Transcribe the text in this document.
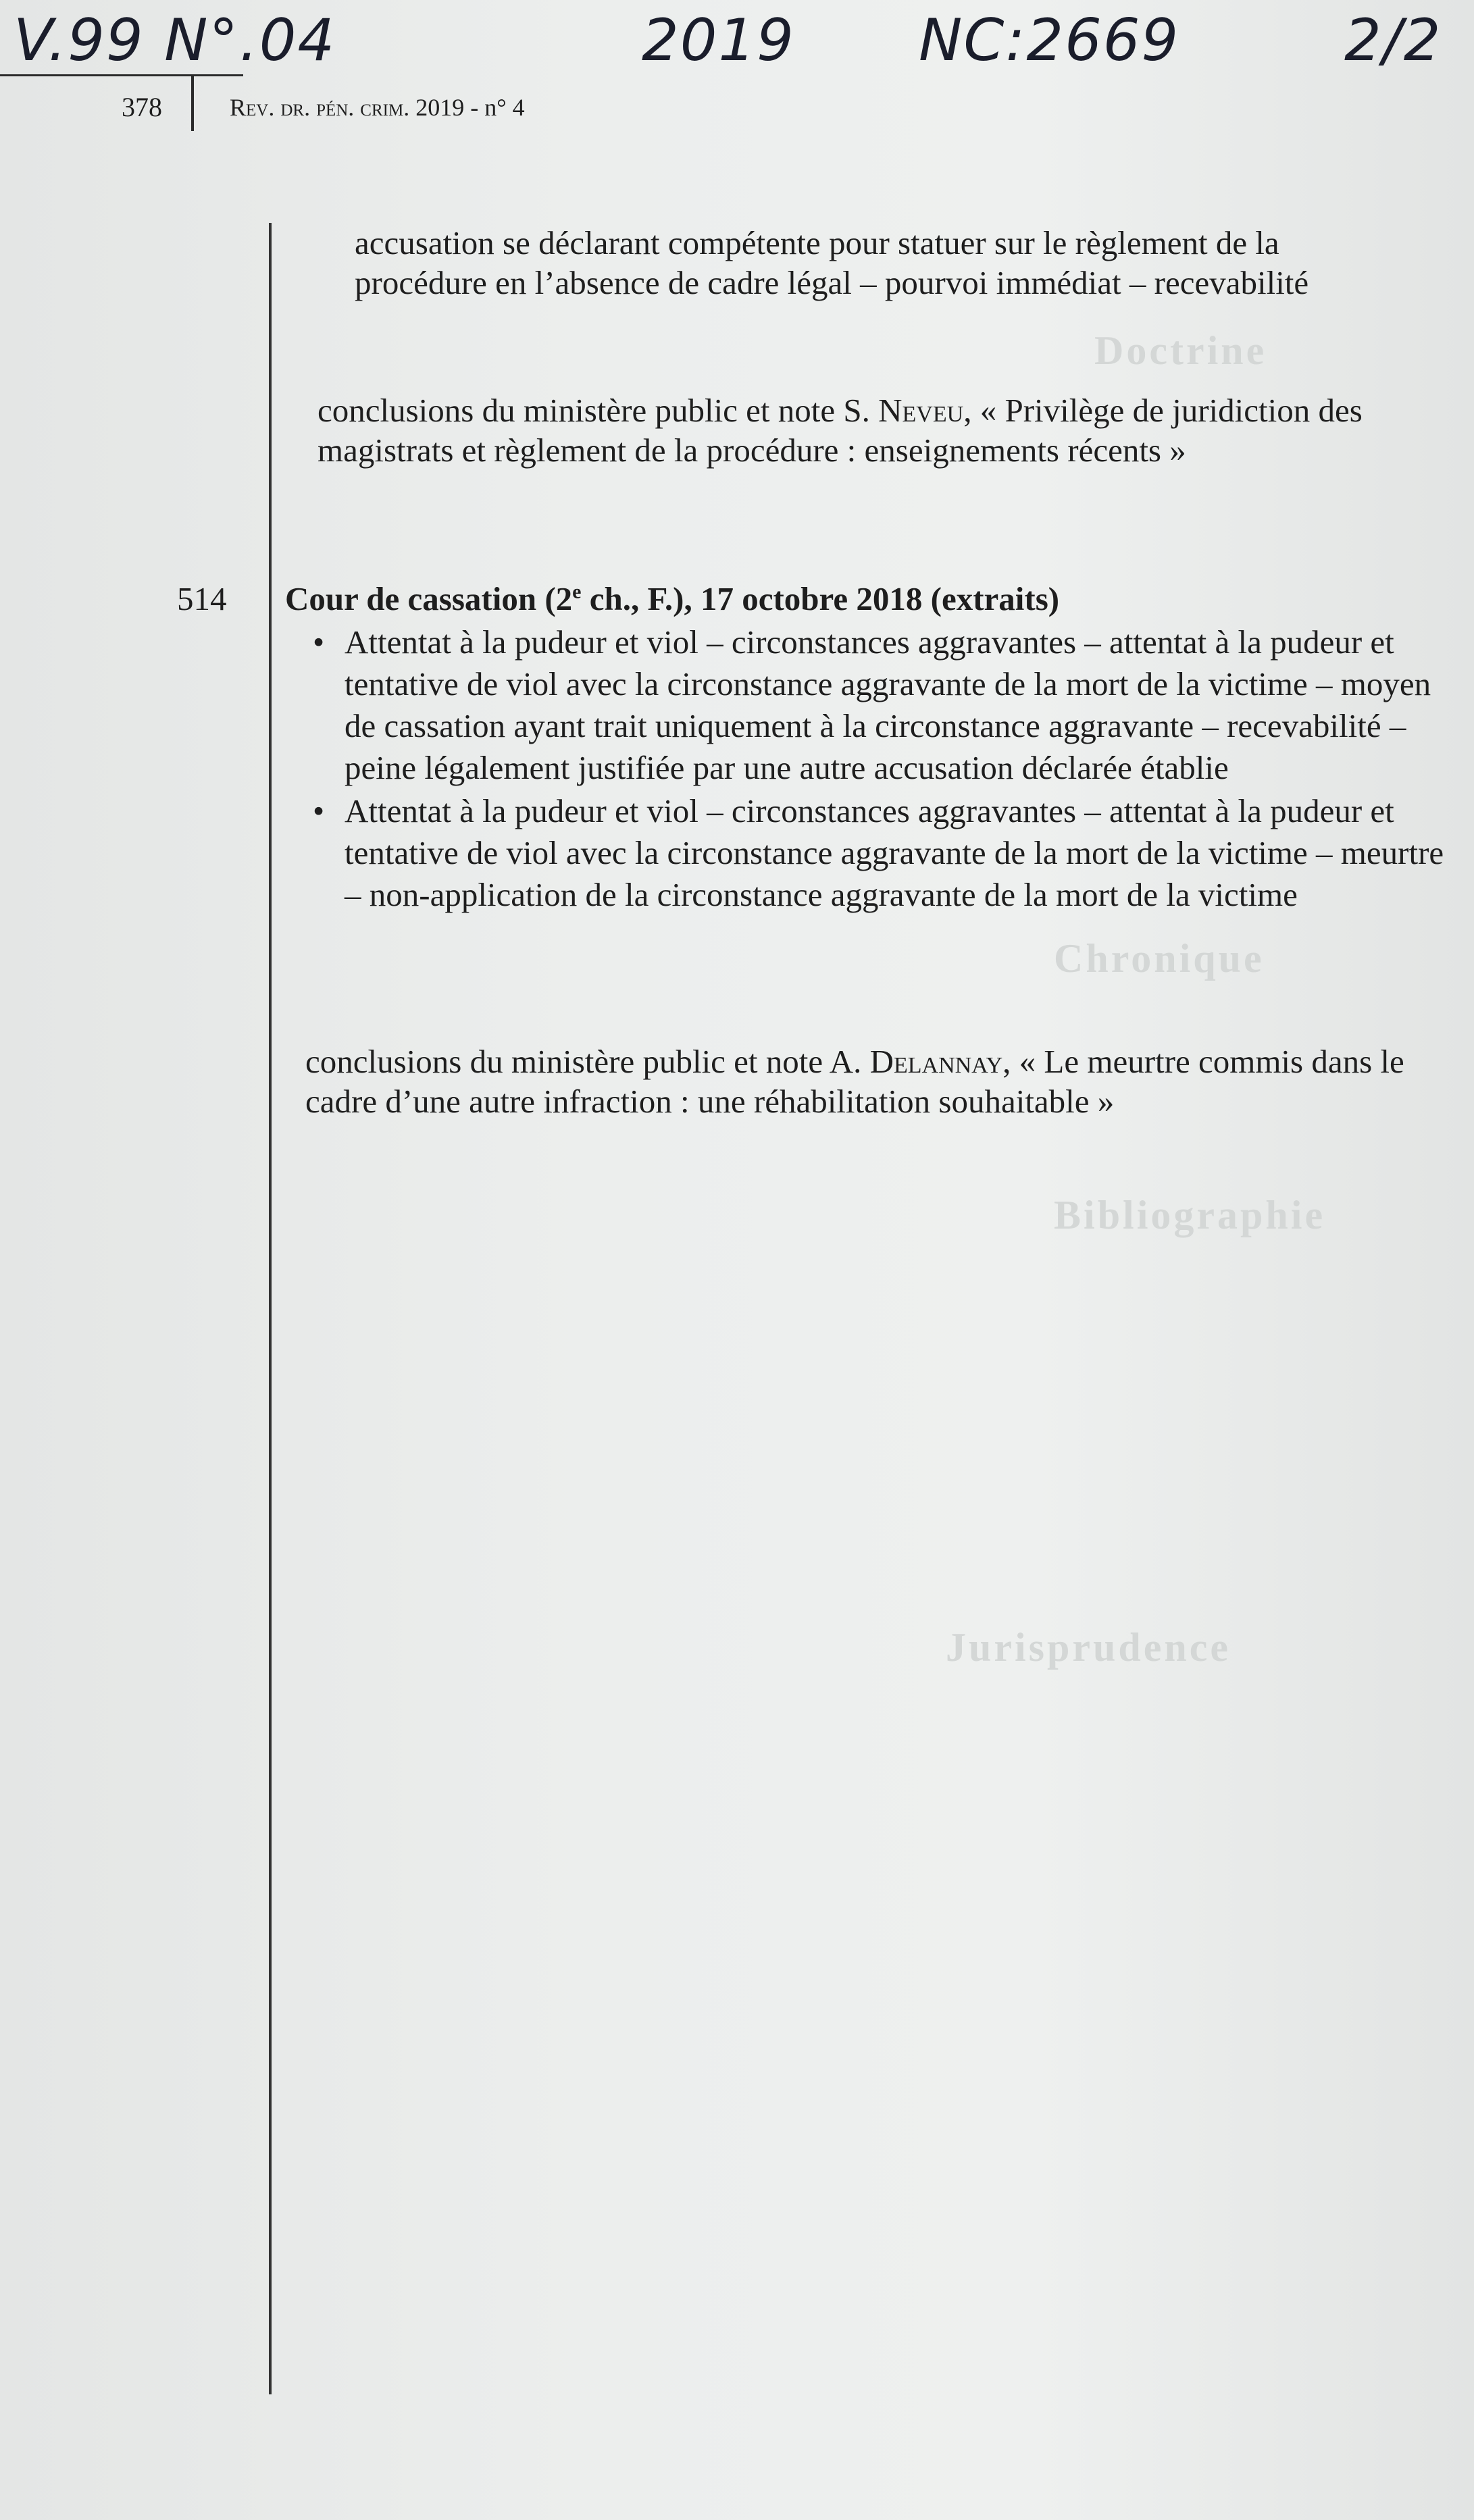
V.99 N°.04	2019 NC:2669	2/2
378	Rev. dr. pén. crim. 2019 - n° 4
Doctrine
Chronique
Bibliographie
Jurisprudence

accusation se déclarant compétente pour statuer sur le règlement de la procédure en l’absence de cadre légal – pourvoi immédiat – recevabilité

conclusions du ministère public et note S. Neveu, « Privilège de juridiction des magistrats et règlement de la procédure : enseignements récents »

514 Cour de cassation (2e ch., F.), 17 octobre 2018 (extraits)
• Attentat à la pudeur et viol – circonstances aggravantes – attentat à la pudeur et tentative de viol avec la circonstance aggravante de la mort de la victime – moyen de cassation ayant trait uniquement à la circonstance aggravante – recevabilité – peine légalement justifiée par une autre accusation déclarée établie
• Attentat à la pudeur et viol – circonstances aggravantes – attentat à la pudeur et tentative de viol avec la circonstance aggravante de la mort de la victime – meurtre – non-application de la circonstance aggravante de la mort de la victime

conclusions du ministère public et note A. Delannay, « Le meurtre commis dans le cadre d’une autre infraction : une réhabilitation souhaitable »
